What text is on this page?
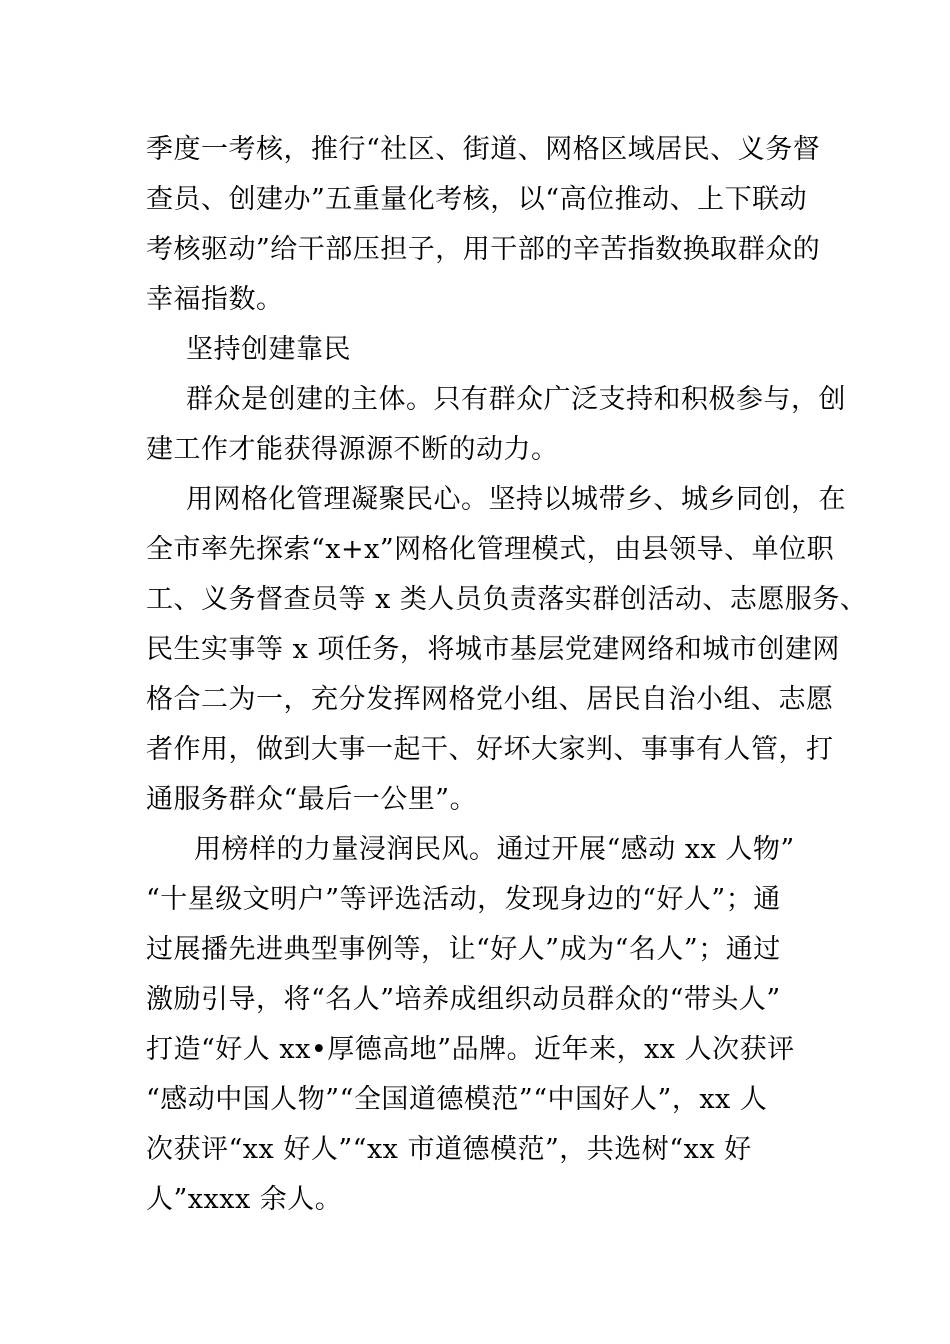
季度一考核，推行“社区、街道、网格区域居民、义务督
查员、创建办”五重量化考核，以“高位推动、上下联动
考核驱动”给干部压担子，用干部的辛苦指数换取群众的
幸福指数。
坚持创建靠民
群众是创建的主体。只有群众广泛支持和积极参与，创
建工作才能获得源源不断的动力。
用网格化管理凝聚民心。坚持以城带乡、城乡同创，在
全市率先探索“x+x”网格化管理模式，由县领导、单位职
工、义务督查员等 x 类人员负责落实群创活动、志愿服务、
民生实事等 x 项任务，将城市基层党建网络和城市创建网
格合二为一，充分发挥网格党小组、居民自治小组、志愿
者作用，做到大事一起干、好坏大家判、事事有人管，打
通服务群众“最后一公里”。
用榜样的力量浸润民风。通过开展“感动 xx 人物”
“十星级文明户”等评选活动，发现身边的“好人”；通
过展播先进典型事例等，让“好人”成为“名人”；通过
激励引导，将“名人”培养成组织动员群众的“带头人”
打造“好人 xx•厚德高地”品牌。近年来，xx 人次获评
“感动中国人物”“全国道德模范”“中国好人”，xx 人
次获评“xx 好人”“xx 市道德模范”，共选树“xx 好
人”xxxx 余人。
